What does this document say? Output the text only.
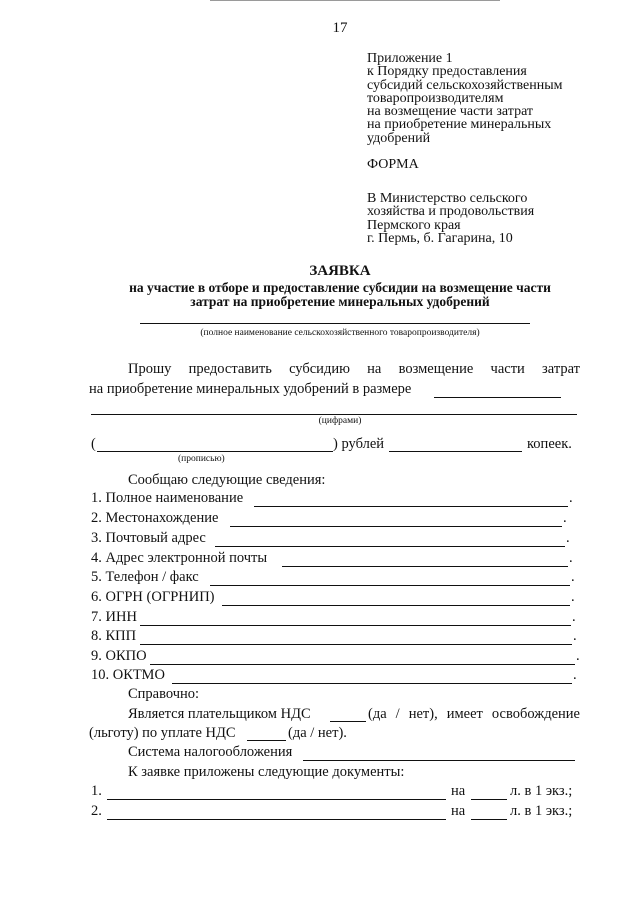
17
Приложение 1
к Порядку предоставления
субсидий сельскохозяйственным
товаропроизводителям
на возмещение части затрат
на приобретение минеральных
удобрений
ФОРМА
В Министерство сельского
хозяйства и продовольствия
Пермского края
г. Пермь, б. Гагарина, 10
ЗАЯВКА
на участие в отборе и предоставление субсидии на возмещение части
затрат на приобретение минеральных удобрений
(полное наименование сельскохозяйственного товаропроизводителя)
Прошу предоставить субсидию на возмещение части затрат
на приобретение минеральных удобрений в размере
(цифрами)
(	) рублей	копеек.
(прописью)
Сообщаю следующие сведения:
1. Полное наименование	.
2. Местонахождение	.
3. Почтовый адрес	.
4. Адрес электронной почты	.
5. Телефон / факс	.
6. ОГРН (ОГРНИП)	.
7. ИНН	.
8. КПП	.
9. ОКПО	.
10. ОКТМО	.
Справочно:
Является плательщиком НДС	(да / нет), имеет освобождение
(льготу) по уплате НДС	(да / нет).
Система налогообложения
К заявке приложены следующие документы:
1.	на	л. в 1 экз.;
2.	на	л. в 1 экз.;
